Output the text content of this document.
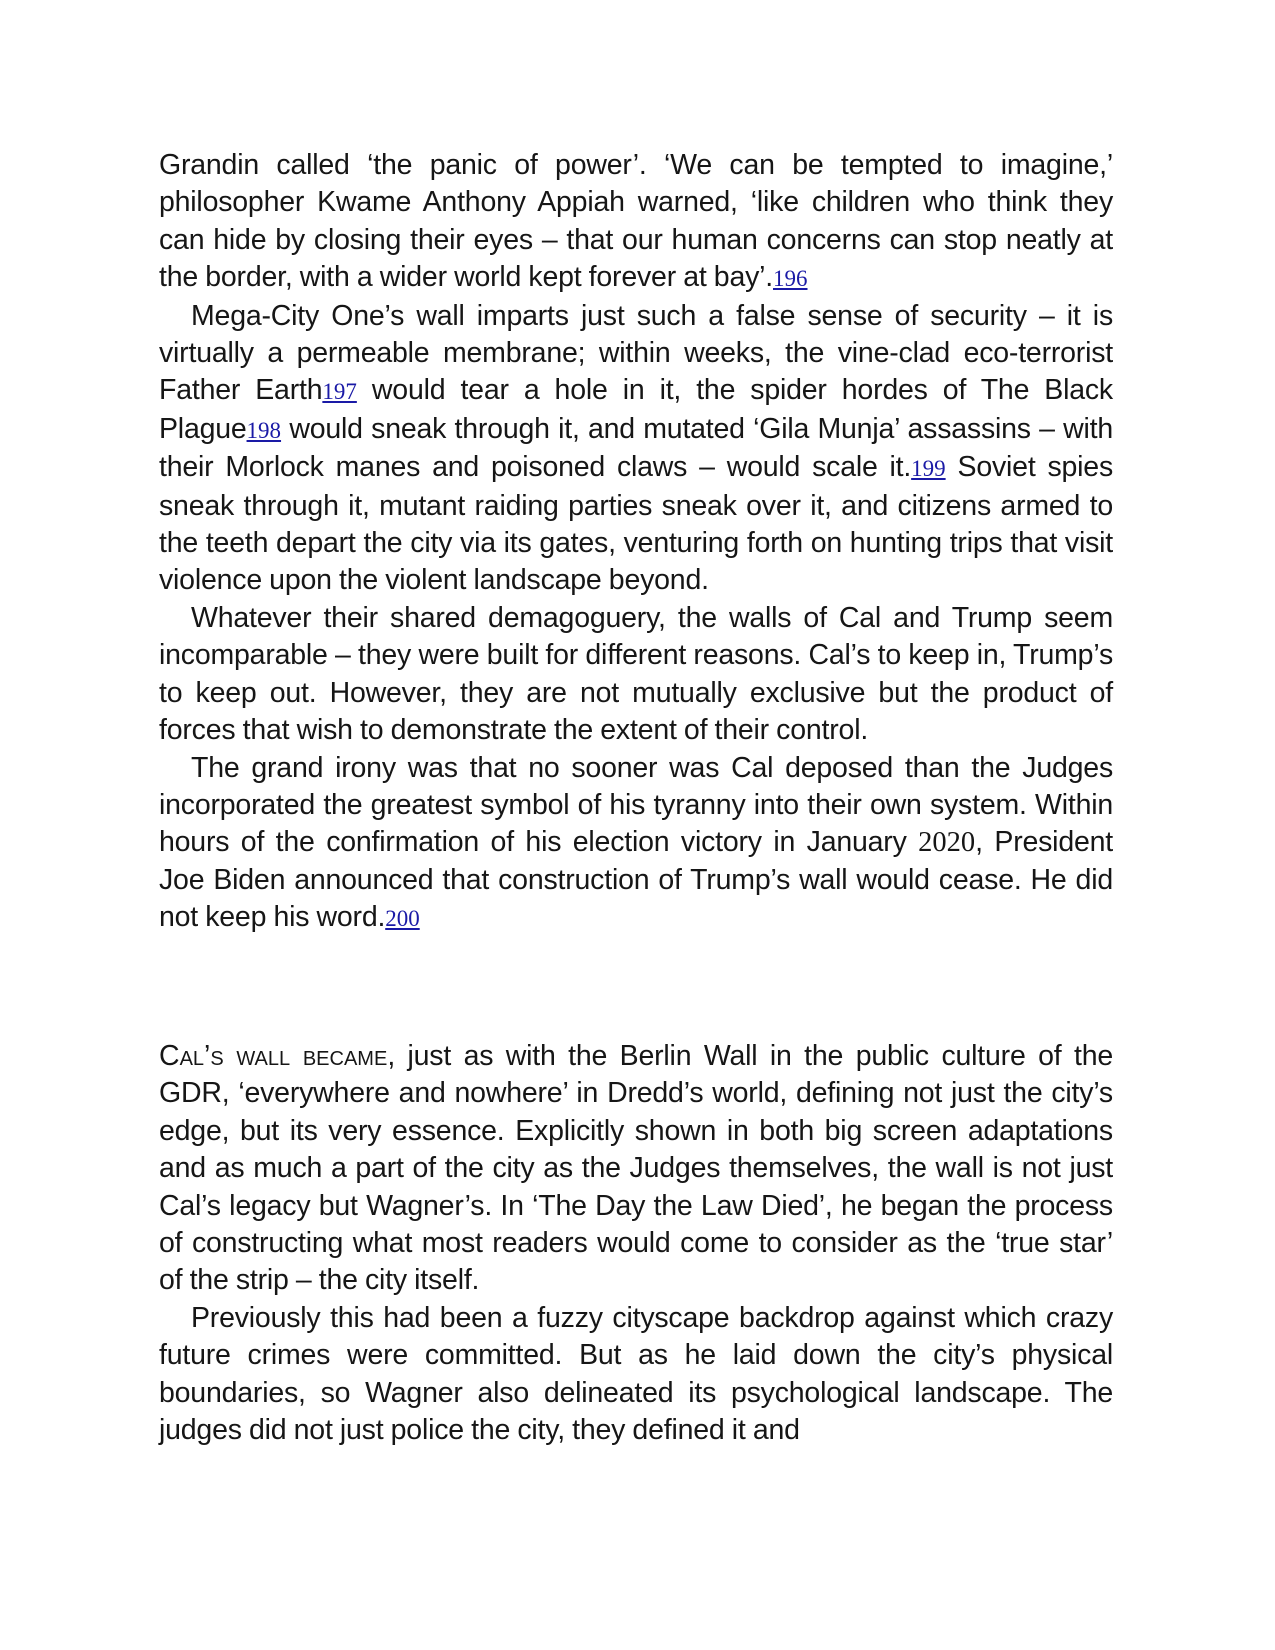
Grandin called ‘the panic of power’. ‘We can be tempted to imagine,’ philosopher Kwame Anthony Appiah warned, ‘like children who think they can hide by closing their eyes – that our human concerns can stop neatly at the border, with a wider world kept forever at bay’.196

Mega-City One’s wall imparts just such a false sense of security – it is virtually a permeable membrane; within weeks, the vine-clad eco-terrorist Father Earth197 would tear a hole in it, the spider hordes of The Black Plague198 would sneak through it, and mutated ‘Gila Munja’ assassins – with their Morlock manes and poisoned claws – would scale it.199 Soviet spies sneak through it, mutant raiding parties sneak over it, and citizens armed to the teeth depart the city via its gates, venturing forth on hunting trips that visit violence upon the violent landscape beyond.

Whatever their shared demagoguery, the walls of Cal and Trump seem incomparable – they were built for different reasons. Cal’s to keep in, Trump’s to keep out. However, they are not mutually exclusive but the product of forces that wish to demonstrate the extent of their control.

The grand irony was that no sooner was Cal deposed than the Judges incorporated the greatest symbol of his tyranny into their own system. Within hours of the confirmation of his election victory in January 2020, President Joe Biden announced that construction of Trump’s wall would cease. He did not keep his word.200

Cal’s wall became, just as with the Berlin Wall in the public culture of the GDR, ‘everywhere and nowhere’ in Dredd’s world, defining not just the city’s edge, but its very essence. Explicitly shown in both big screen adaptations and as much a part of the city as the Judges themselves, the wall is not just Cal’s legacy but Wagner’s. In ‘The Day the Law Died’, he began the process of constructing what most readers would come to consider as the ‘true star’ of the strip – the city itself.

Previously this had been a fuzzy cityscape backdrop against which crazy future crimes were committed. But as he laid down the city’s physical boundaries, so Wagner also delineated its psychological landscape. The judges did not just police the city, they defined it and
